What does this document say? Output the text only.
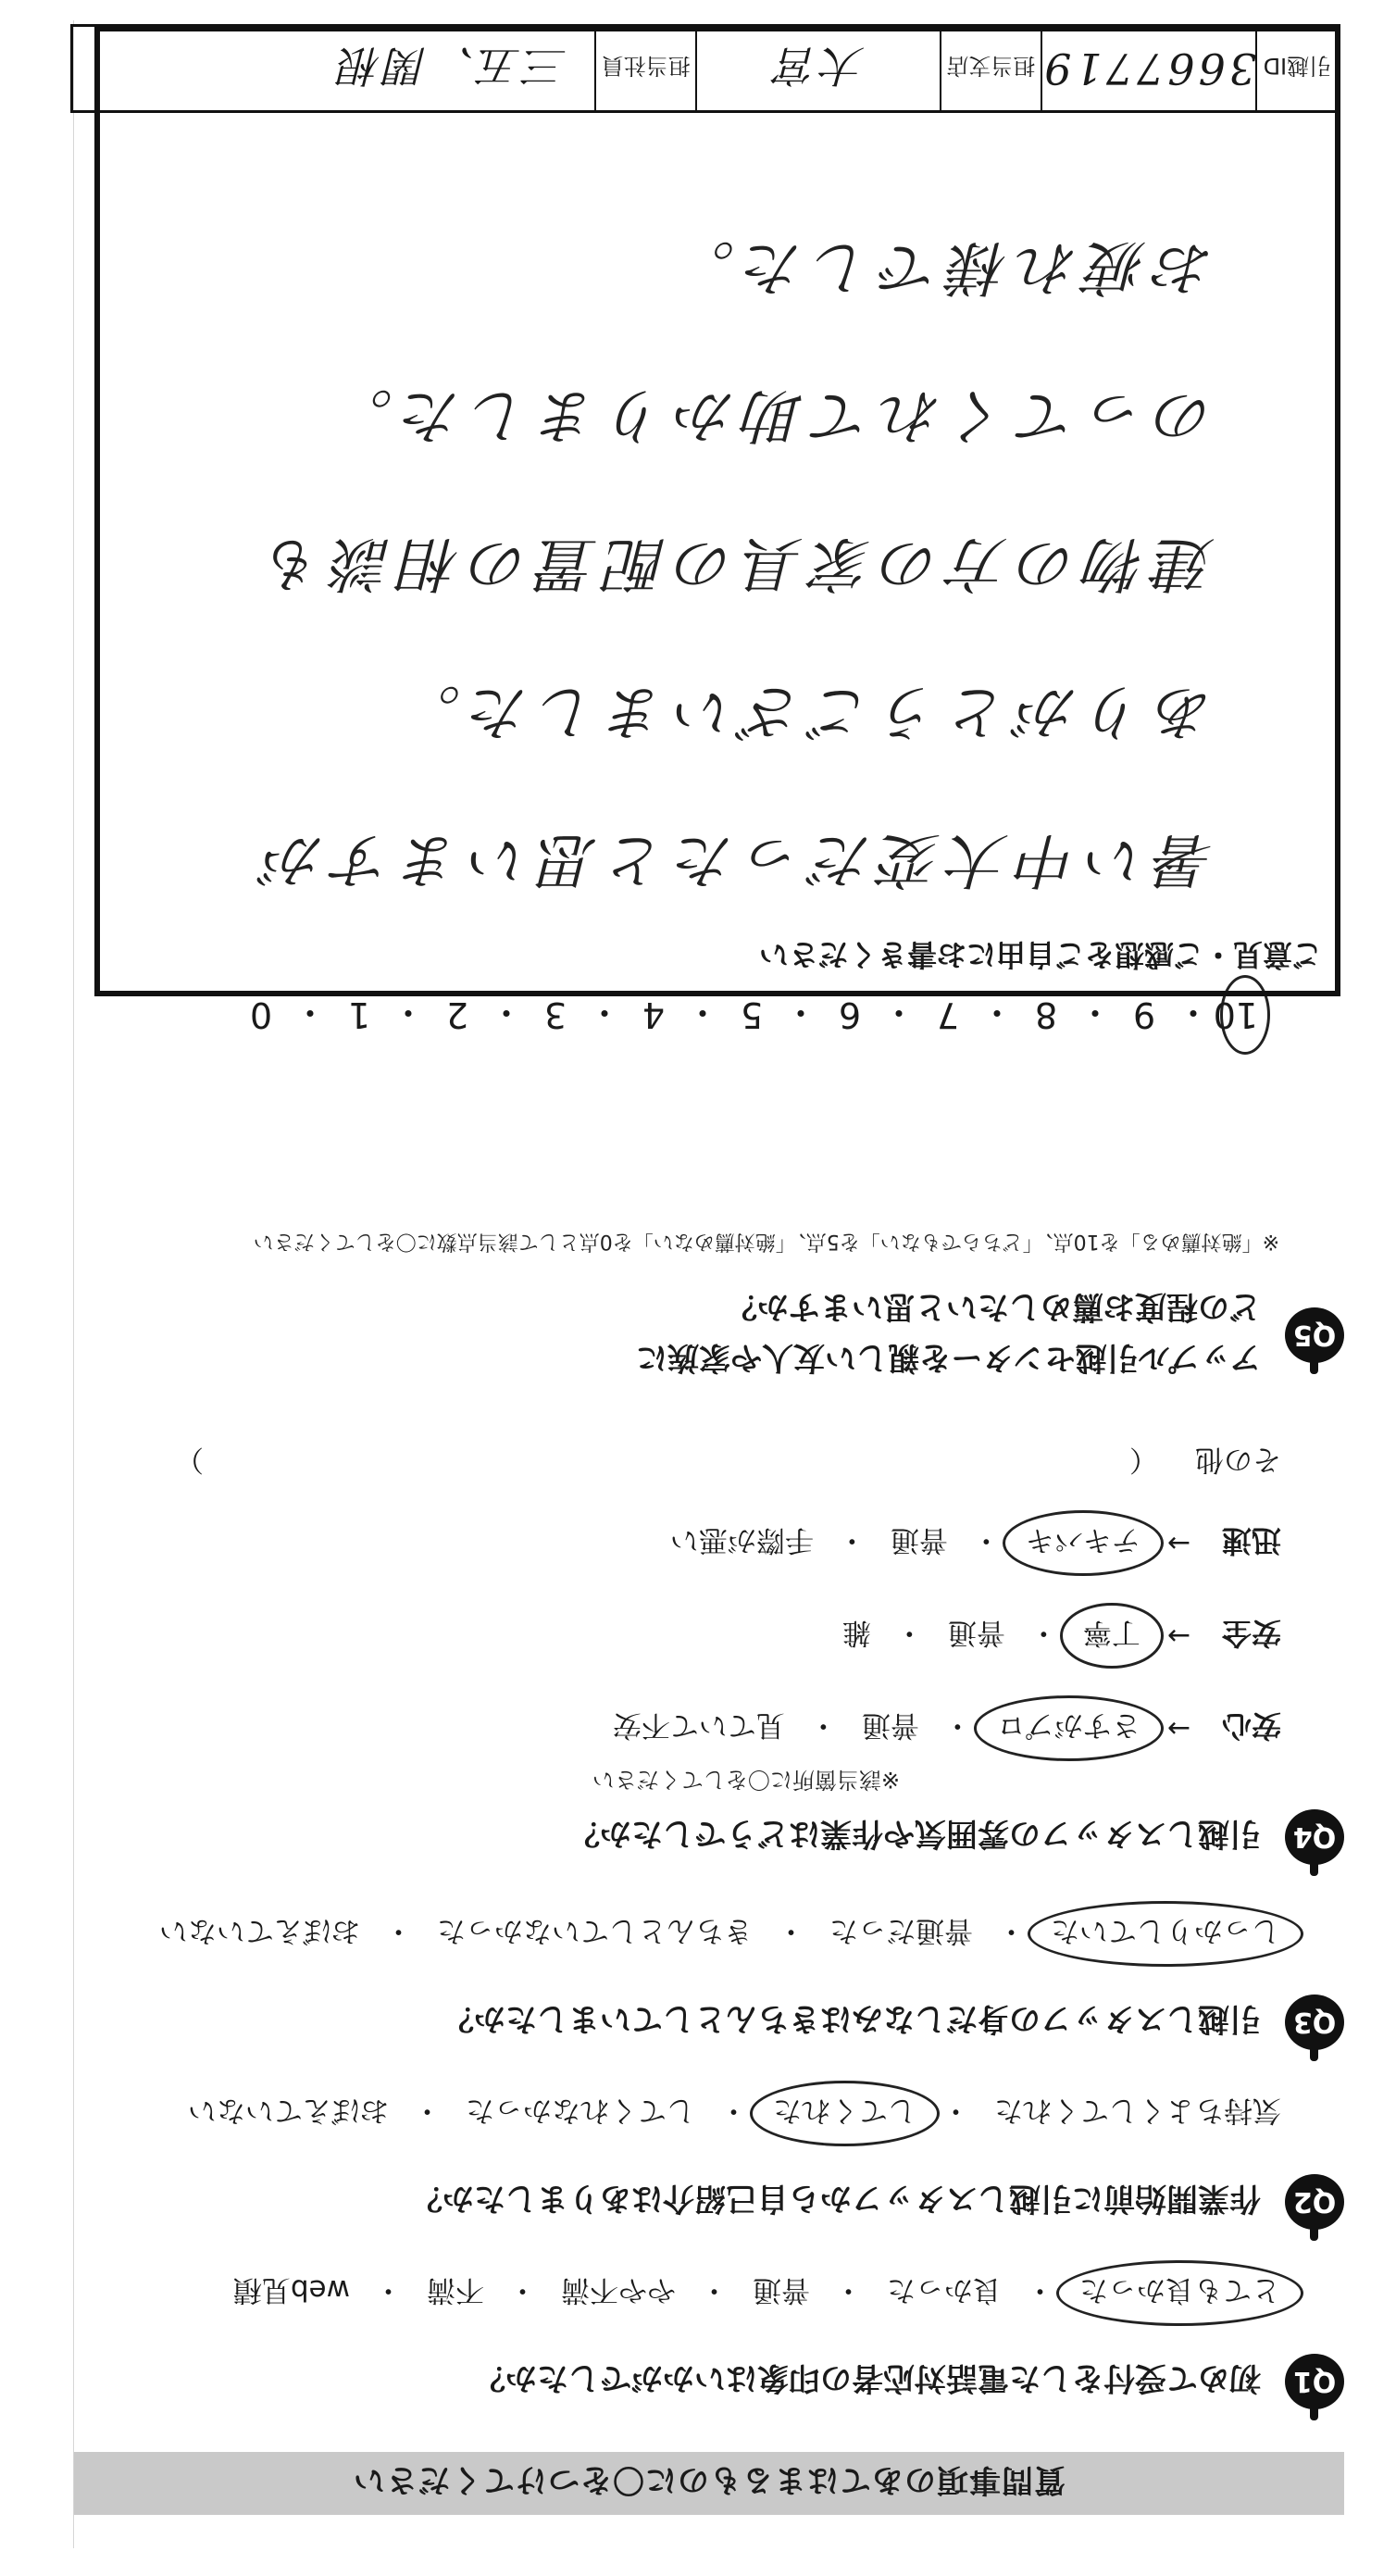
質問事項のあてはまるものに〇をつけてください
Q1
初めて受付をした電話対応者の印象はいかがでしたか？
とても良かった
・
良かった
・
普通
・
やや不満
・
不満
・
web見積
Q2
作業開始前に引越しスタッフから自己紹介はありましたか？
気持ちよくしてくれた
・
してくれた
・
してくれなかった
・
おぼえていない
Q3
引越しスタッフの身だしなみはきちんとしていましたか？
しっかりしていた
・
普通だった
・
きちんとしていなかった
・
おぼえていない
Q4
引越しスタッフの雰囲気や作業はどうでしたか？
※該当箇所に〇をしてください
安心
→
さすがプロ
・
普通
・
見ていて不安
安全
→
丁寧
・
普通
・
雑
迅速
→
テキパキ
・
普通
・
手際が悪い
その他
（
）
Q5
アップル引越センターを親しい友人や家族に
どの程度お薦めしたいと思いますか？
※「絶対薦める」を10点、「どちらでもない」を5点、「絶対薦めない」を0点として該当点数に〇をしてください
10
・
9
・
8
・
7
・
6
・
5
・
4
・
3
・
2
・
1
・
0
ご意見・ご感想をご自由にお書きください
暑い中大変だったと思いますが
ありがとうございました。
建物の方の家具の配置の相談も
のってくれて助かりました。
お疲れ様でした。
引越ID
3667719
担当支店
大宮
担当社員
三五、関根
